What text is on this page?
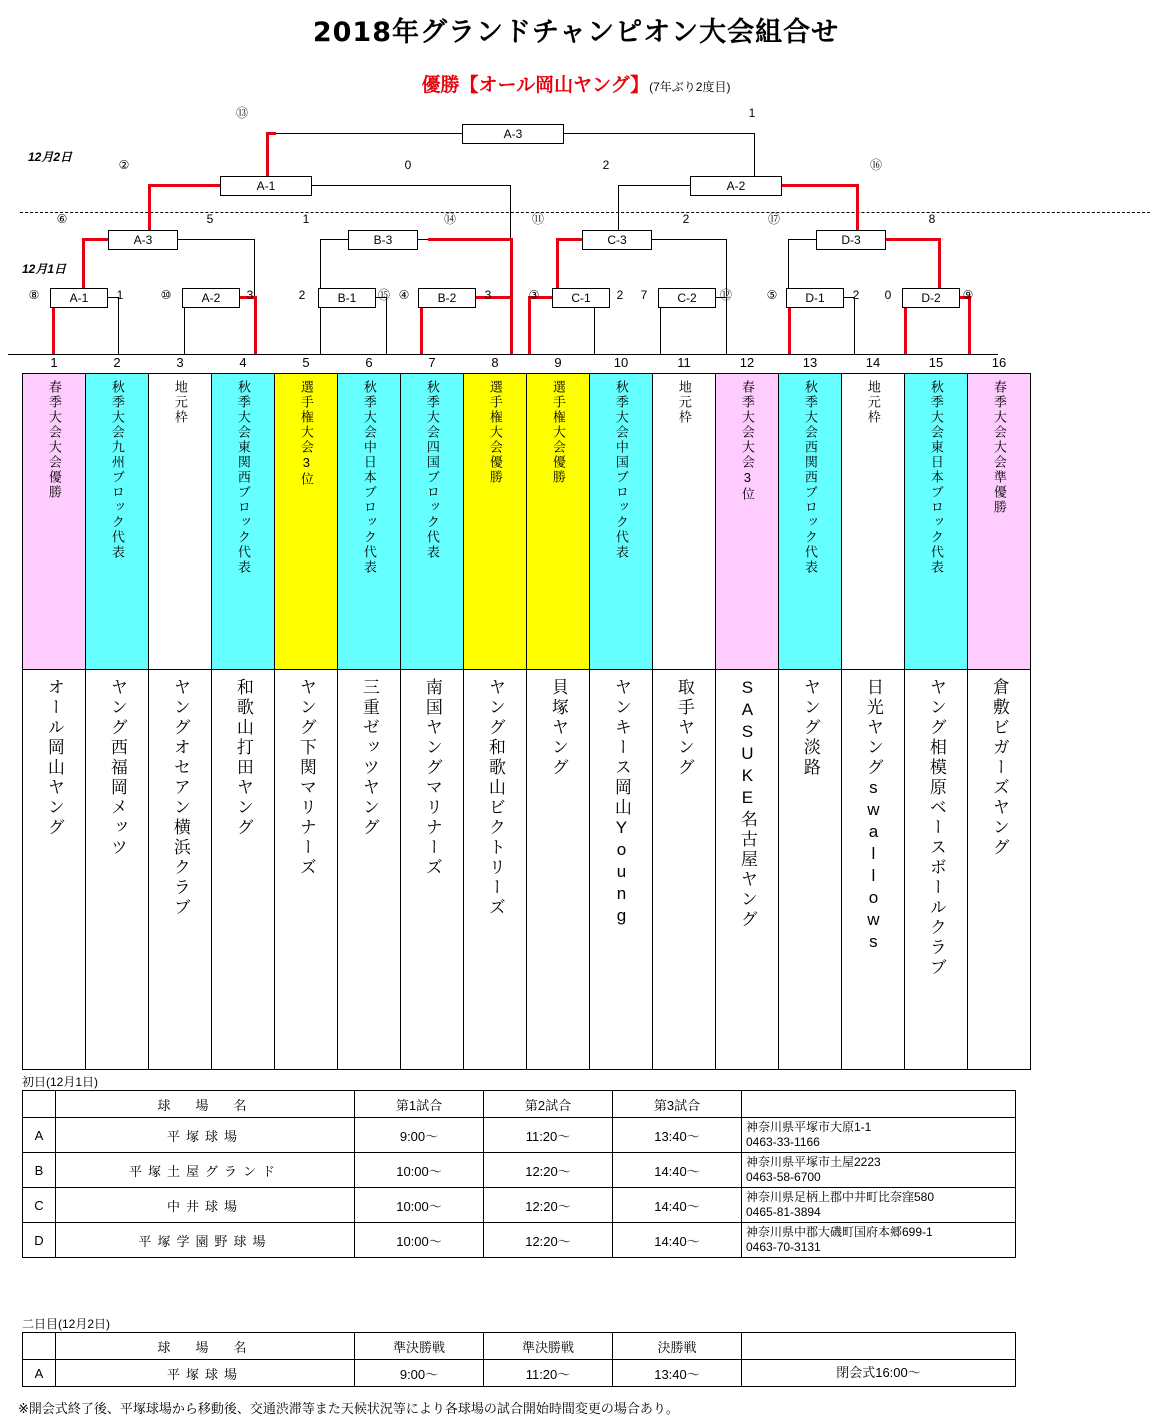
2018年グランドチャンピオン大会組合せ
優勝【オール岡山ヤング】(7年ぶり2度目)
12月2日
12月1日
A-3
⑬	1
A-1
②	0
A-2
2	⑯
A-3
⑥	5
B-3
1	⑭
C-3
⑪	2
D-3
⑰	8
A-1
⑧	1	A-2
⑩	3	B-1
2	⑮	B-2
④	3	C-1
③	2	C-2
7	⑫	D-1
⑤	2	D-2
0	⑨
1	2	3	4	5	6	7	8	9	10	11	12	13	14	15	16
春季大会大会優勝	秋季大会九州ブロック代表	地元枠	秋季大会東関西ブロック代表	選手権大会3位	秋季大会中日本ブロック代表	秋季大会四国ブロック代表	選手権大会優勝	選手権大会優勝	秋季大会中国ブロック代表	地元枠	春季大会大会3位	秋季大会西関西ブロック代表	地元枠	秋季大会東日本ブロック代表	春季大会大会準優勝
オール岡山ヤング	ヤング西福岡メッツ	ヤングオセアン横浜クラブ	和歌山打田ヤング	ヤング下関マリナーズ	三重ゼッツヤング	南国ヤングマリナーズ	ヤング和歌山ビクトリーズ	貝塚ヤング	ヤンキース岡山Young	取手ヤング	SASUKE名古屋ヤング	ヤング淡路	日光ヤングswallows	ヤング相模原ベースボールクラブ	倉敷ビガーズヤング
初日(12月1日)
	球　場　名	第1試合	第2試合	第3試合	
A	平塚球場	9:00～	11:20～	13:40～	神奈川県平塚市大原1-1
0463-33-1166

B	平塚土屋グランド	10:00～	12:20～	14:40～	神奈川県平塚市土屋2223
0463-58-6700

C	中井球場	10:00～	12:20～	14:40～	神奈川県足柄上郡中井町比奈窪580
0465-81-3894

D	平塚学園野球場	10:00～	12:20～	14:40～	神奈川県中郡大磯町国府本郷699-1
0463-70-3131
二日目(12月2日)
	球　場　名	準決勝戦	準決勝戦	決勝戦	
A	平塚球場	9:00～	11:20～	13:40～	閉会式16:00～
※開会式終了後、平塚球場から移動後、交通渋滞等また天候状況等により各球場の試合開始時間変更の場合あり。
